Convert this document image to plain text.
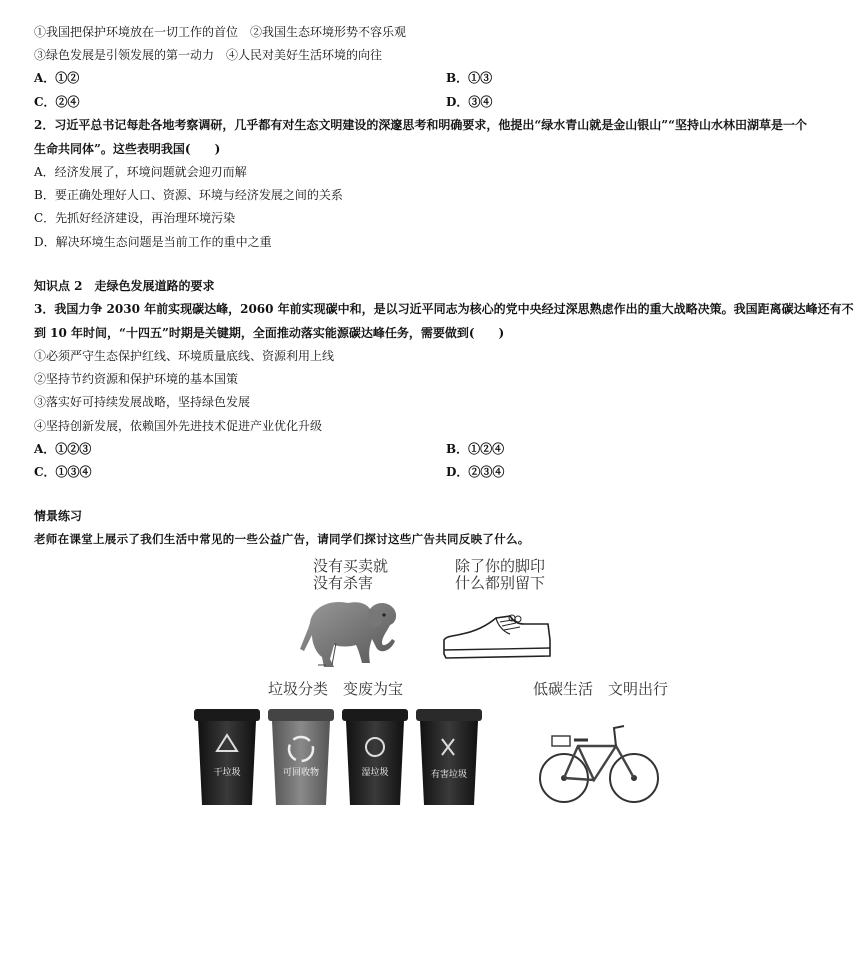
①我国把保护环境放在一切工作的首位　②我国生态环境形势不容乐观
③绿色发展是引领发展的第一动力　④人民对美好生活环境的向往
A．①②	B．①③
C．②④	D．③④
2．习近平总书记每赴各地考察调研，几乎都有对生态文明建设的深邃思考和明确要求，他提出“绿水青山就是金山银山”“坚持山水林田湖草是一个
生命共同体”。这些表明我国(　　)
A．经济发展了，环境问题就会迎刃而解
B．要正确处理好人口、资源、环境与经济发展之间的关系
C．先抓好经济建设，再治理环境污染
D．解决环境生态问题是当前工作的重中之重
知识点 2　走绿色发展道路的要求
3．我国力争 2030 年前实现碳达峰，2060 年前实现碳中和，是以习近平同志为核心的党中央经过深思熟虑作出的重大战略决策。我国距离碳达峰还有不
到 10 年时间，“十四五”时期是关键期，全面推动落实能源碳达峰任务，需要做到(　　)
①必须严守生态保护红线、环境质量底线、资源利用上线
②坚持节约资源和保护环境的基本国策
③落实好可持续发展战略，坚持绿色发展
④坚持创新发展，依赖国外先进技术促进产业优化升级
A．①②③	B．①②④
C．①③④	D．②③④
情景练习
老师在课堂上展示了我们生活中常见的一些公益广告，请同学们探讨这些广告共同反映了什么。
没有买卖就
没有杀害
除了你的脚印
什么都别留下
垃圾分类　变废为宝	低碳生活　文明出行
干垃圾	可回收物	湿垃圾	有害垃圾
